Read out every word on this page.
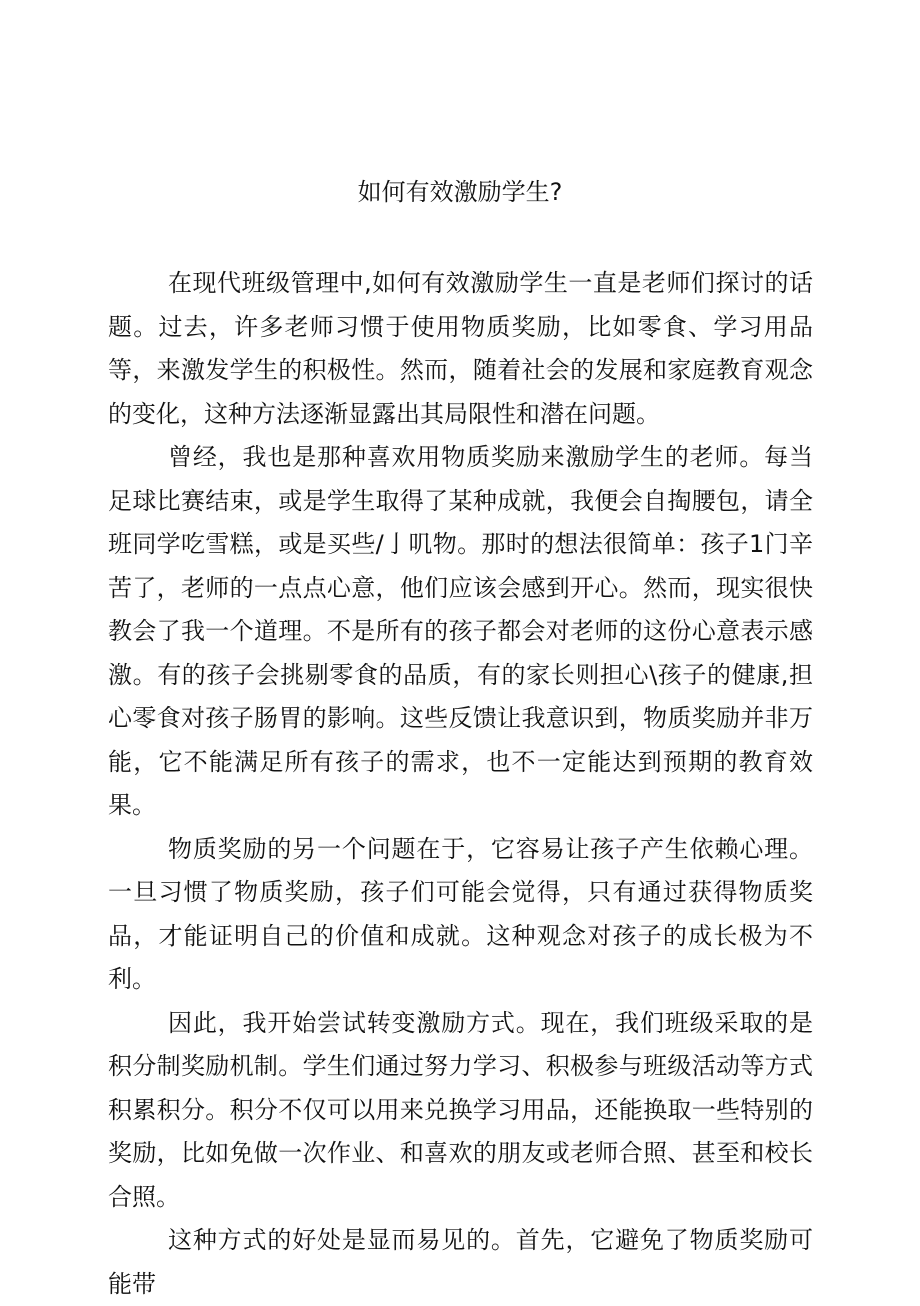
如何有效激励学生?

在现代班级管理中,如何有效激励学生一直是老师们探讨的话题。过去，许多老师习惯于使用物质奖励，比如零食、学习用品等，来激发学生的积极性。然而，随着社会的发展和家庭教育观念的变化，这种方法逐渐显露出其局限性和潜在问题。

曾经，我也是那种喜欢用物质奖励来激励学生的老师。每当足球比赛结束，或是学生取得了某种成就，我便会自掏腰包，请全班同学吃雪糕，或是买些/亅叽物。那时的想法很简单：孩子1门辛苦了，老师的一点点心意，他们应该会感到开心。然而，现实很快教会了我一个道理。不是所有的孩子都会对老师的这份心意表示感激。有的孩子会挑剔零食的品质，有的家长则担心\孩子的健康,担心零食对孩子肠胃的影响。这些反馈让我意识到，物质奖励并非万能，它不能满足所有孩子的需求，也不一定能达到预期的教育效果。

物质奖励的另一个问题在于，它容易让孩子产生依赖心理。一旦习惯了物质奖励，孩子们可能会觉得，只有通过获得物质奖品，才能证明自己的价值和成就。这种观念对孩子的成长极为不利。

因此，我开始尝试转变激励方式。现在，我们班级采取的是积分制奖励机制。学生们通过努力学习、积极参与班级活动等方式积累积分。积分不仅可以用来兑换学习用品，还能换取一些特别的奖励，比如免做一次作业、和喜欢的朋友或老师合照、甚至和校长合照。

这种方式的好处是显而易见的。首先，它避免了物质奖励可能带
